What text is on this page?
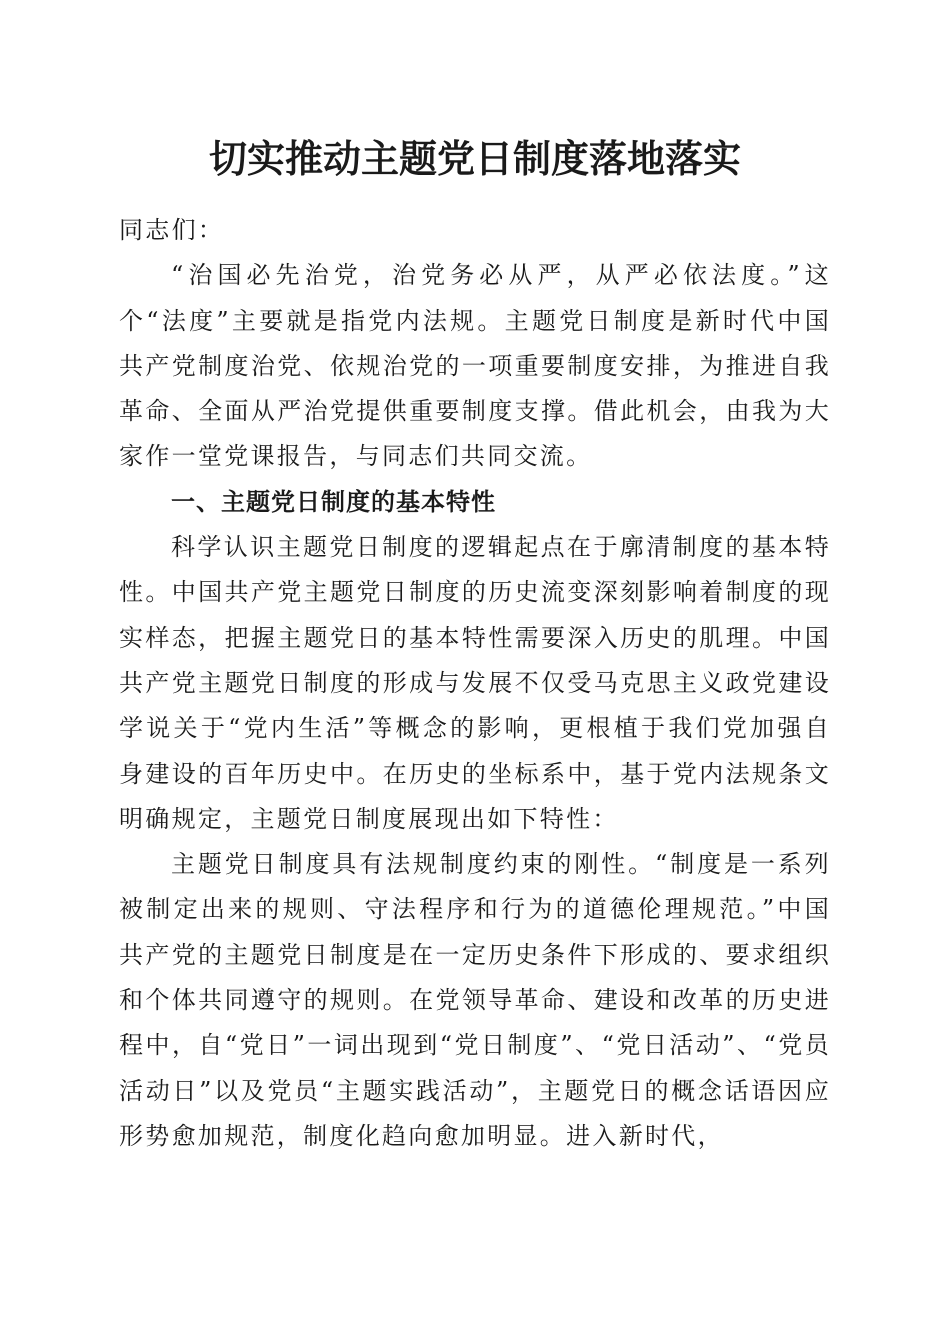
切实推动主题党日制度落地落实

同志们：

“治国必先治党，治党务必从严，从严必依法度。”这个“法度”主要就是指党内法规。主题党日制度是新时代中国共产党制度治党、依规治党的一项重要制度安排，为推进自我革命、全面从严治党提供重要制度支撑。借此机会，由我为大家作一堂党课报告，与同志们共同交流。

一、主题党日制度的基本特性

科学认识主题党日制度的逻辑起点在于廓清制度的基本特性。中国共产党主题党日制度的历史流变深刻影响着制度的现实样态，把握主题党日的基本特性需要深入历史的肌理。中国共产党主题党日制度的形成与发展不仅受马克思主义政党建设学说关于“党内生活”等概念的影响，更根植于我们党加强自身建设的百年历史中。在历史的坐标系中，基于党内法规条文明确规定，主题党日制度展现出如下特性：

主题党日制度具有法规制度约束的刚性。“制度是一系列被制定出来的规则、守法程序和行为的道德伦理规范。”中国共产党的主题党日制度是在一定历史条件下形成的、要求组织和个体共同遵守的规则。在党领导革命、建设和改革的历史进程中，自“党日”一词出现到“党日制度”、“党日活动”、“党员活动日”以及党员“主题实践活动”，主题党日的概念话语因应形势愈加规范，制度化趋向愈加明显。进入新时代，
